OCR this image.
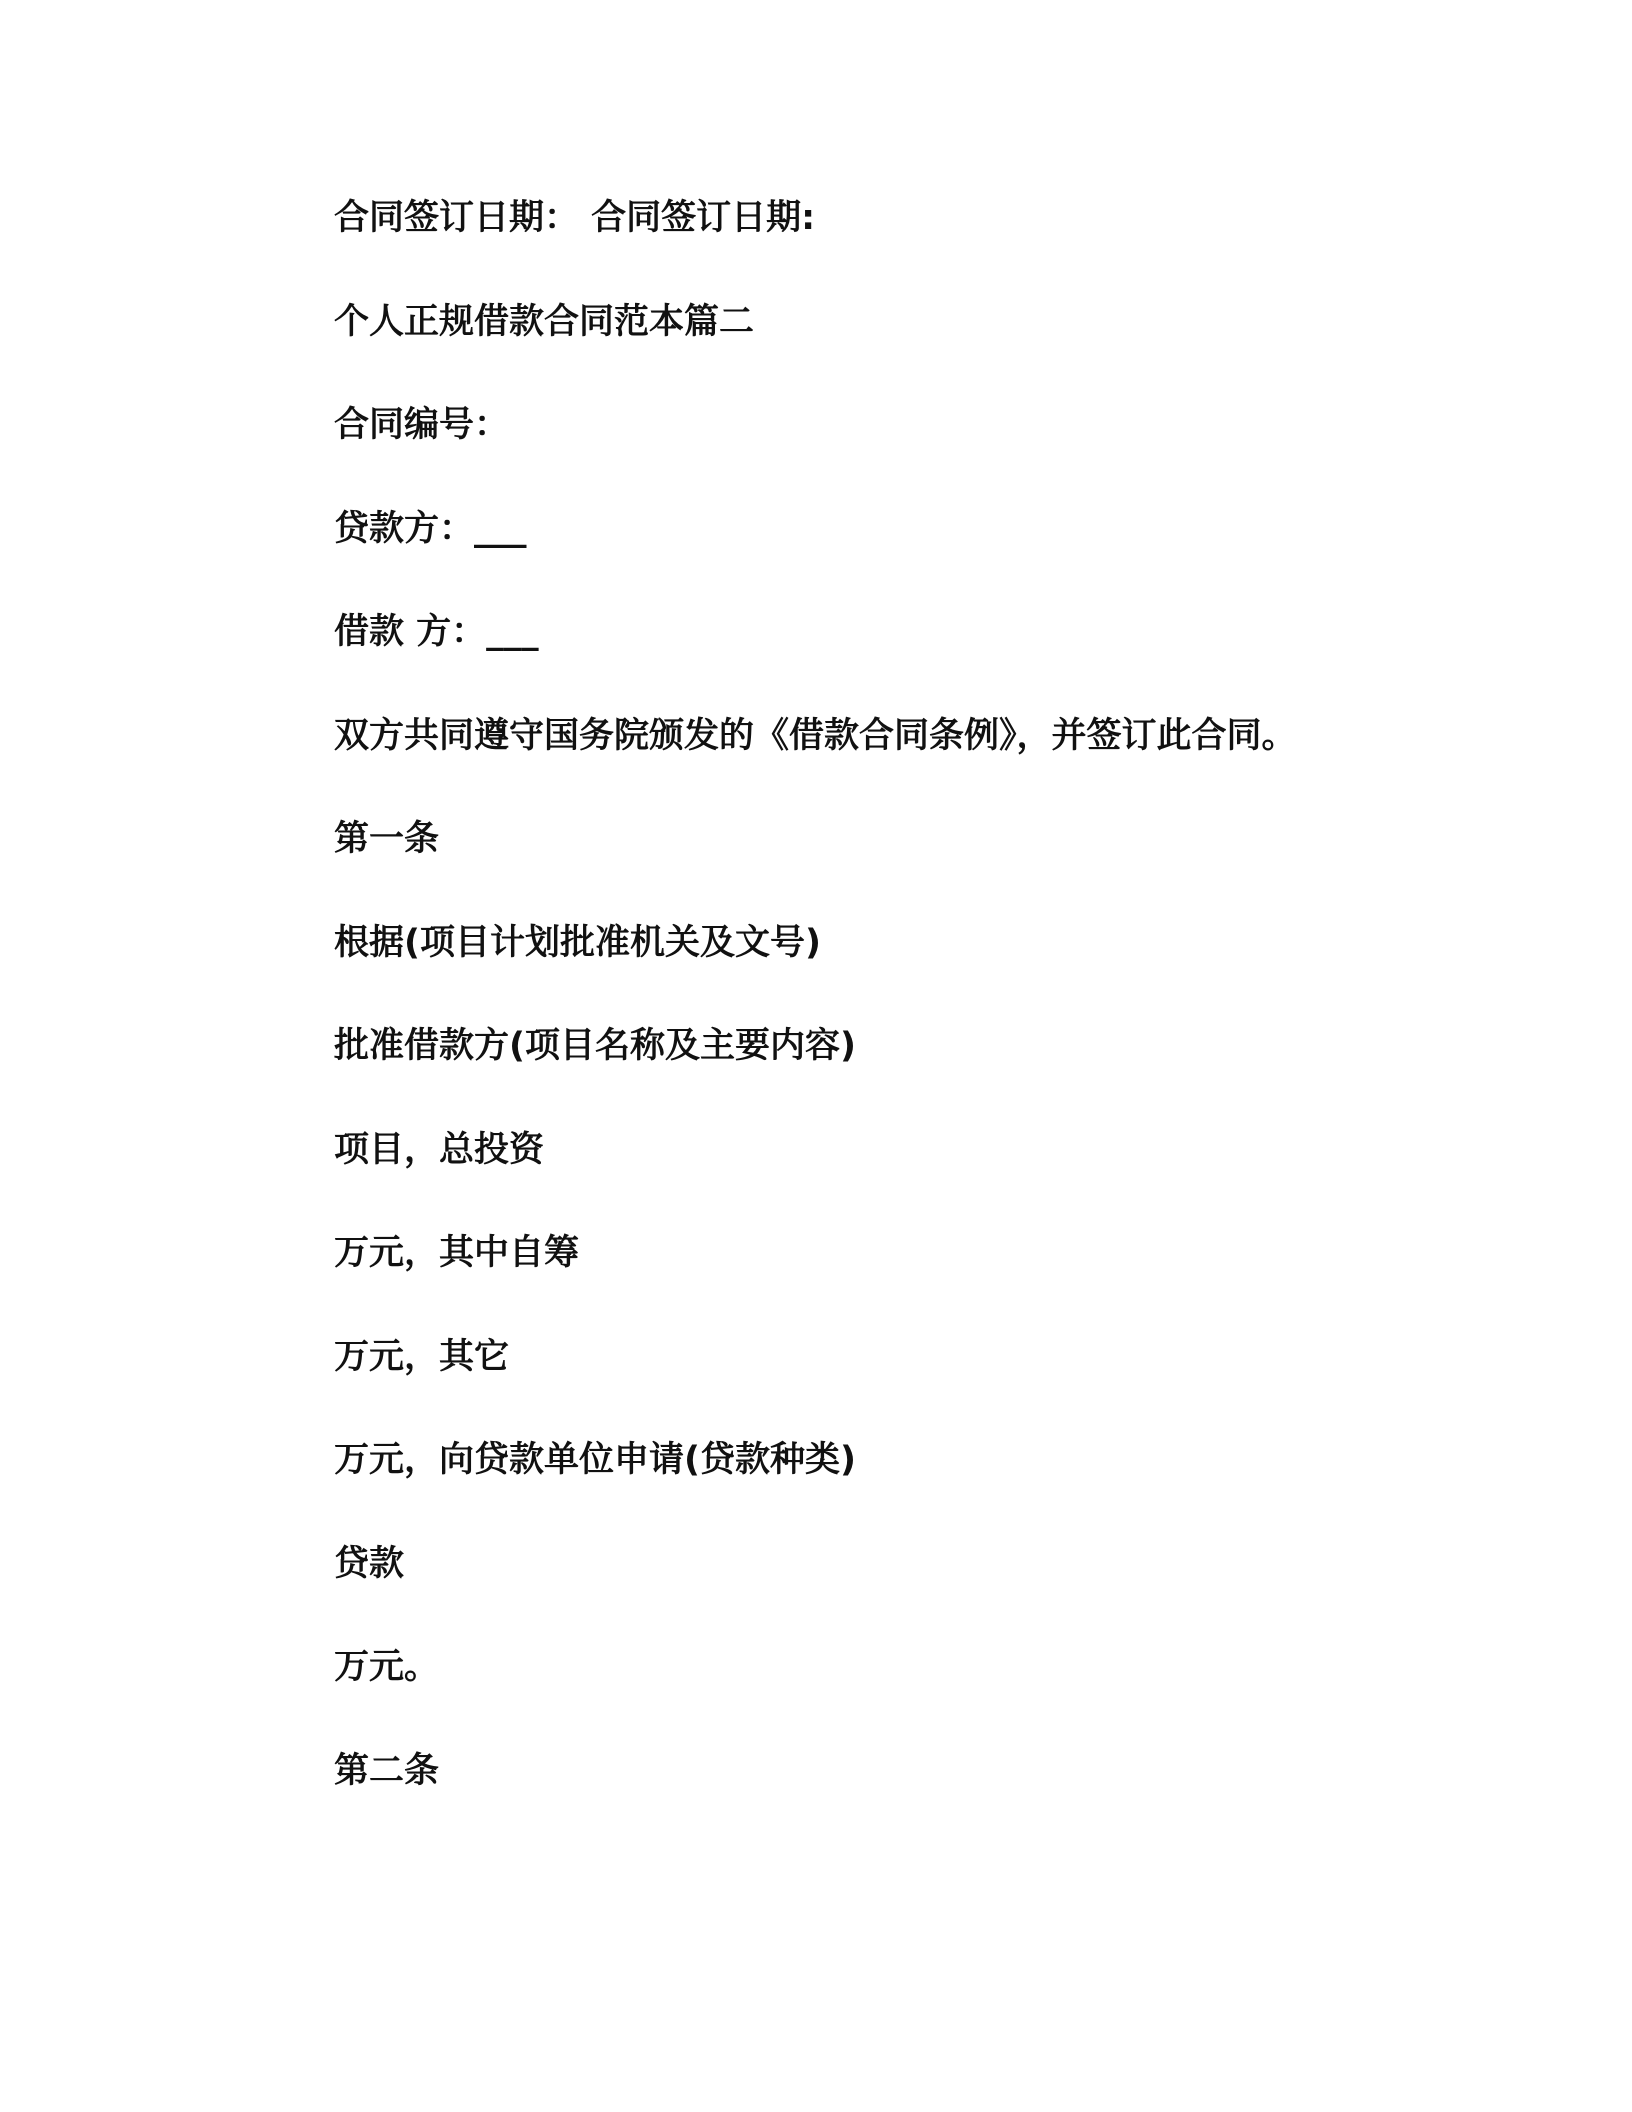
合同签订日期： 合同签订日期:

个人正规借款合同范本篇二

合同编号：

贷款方：___

借款 方：___

双方共同遵守国务院颁发的《借款合同条例》，并签订此合同。

第一条

根据(项目计划批准机关及文号)

批准借款方(项目名称及主要内容)

项目，总投资

万元，其中自筹

万元，其它

万元，向贷款单位申请(贷款种类)

贷款

万元。

第二条
